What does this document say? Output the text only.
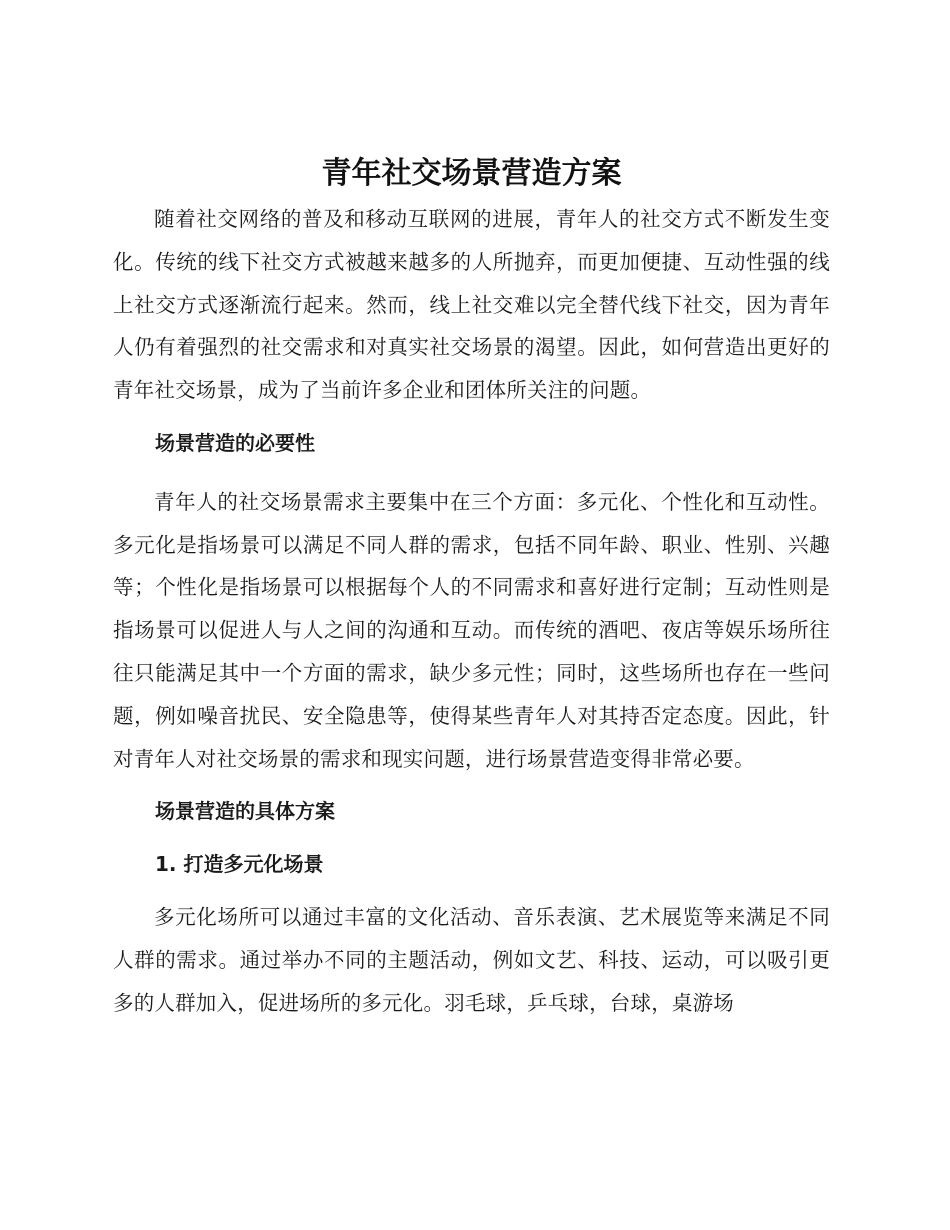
青年社交场景营造方案

随着社交网络的普及和移动互联网的进展，青年人的社交方式不断发生变化。传统的线下社交方式被越来越多的人所抛弃，而更加便捷、互动性强的线上社交方式逐渐流行起来。然而，线上社交难以完全替代线下社交，因为青年人仍有着强烈的社交需求和对真实社交场景的渴望。因此，如何营造出更好的青年社交场景，成为了当前许多企业和团体所关注的问题。

场景营造的必要性

青年人的社交场景需求主要集中在三个方面：多元化、个性化和互动性。多元化是指场景可以满足不同人群的需求，包括不同年龄、职业、性别、兴趣等；个性化是指场景可以根据每个人的不同需求和喜好进行定制；互动性则是指场景可以促进人与人之间的沟通和互动。而传统的酒吧、夜店等娱乐场所往往只能满足其中一个方面的需求，缺少多元性；同时，这些场所也存在一些问题，例如噪音扰民、安全隐患等，使得某些青年人对其持否定态度。因此，针对青年人对社交场景的需求和现实问题，进行场景营造变得非常必要。

场景营造的具体方案
1. 打造多元化场景

多元化场所可以通过丰富的文化活动、音乐表演、艺术展览等来满足不同人群的需求。通过举办不同的主题活动，例如文艺、科技、运动，可以吸引更多的人群加入，促进场所的多元化。羽毛球，乒乓球，台球，桌游场
